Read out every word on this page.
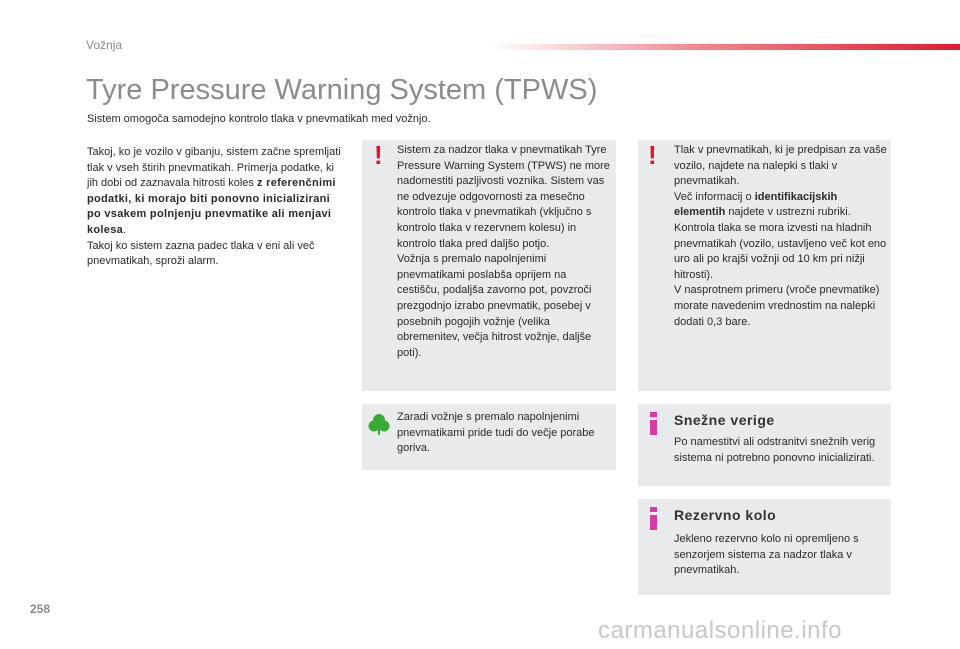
Vožnja
Tyre Pressure Warning System (TPWS)

Sistem omogoča samodejno kontrolo tlaka v pnevmatikah med vožnjo.

Takoj, ko je vozilo v gibanju, sistem začne spremljati tlak v vseh štirih pnevmatikah. Primerja podatke, ki jih dobi od zaznavala hitrosti koles z referenčnimi podatki, ki morajo biti ponovno inicializirani po vsakem polnjenju pnevmatike ali menjavi kolesa.

Takoj ko sistem zazna padec tlaka v eni ali več pnevmatikah, sproži alarm.

! Sistem za nadzor tlaka v pnevmatikah Tyre Pressure Warning System (TPWS) ne more nadomestiti pazljivosti voznika. Sistem vas ne odvezuje odgovornosti za mesečno kontrolo tlaka v pnevmatikah (vključno s kontrolo tlaka v rezervnem kolesu) in kontrolo tlaka pred daljšo potjo.

Vožnja s premalo napolnjenimi pnevmatikami poslabša oprijem na cestišču, podaljša zavorno pot, povzroči prezgodnjo izrabo pnevmatik, posebej v posebnih pogojih vožnje (velika obremenitev, večja hitrost vožnje, daljše poti).

Zaradi vožnje s premalo napolnjenimi pnevmatikami pride tudi do večje porabe goriva.

! Tlak v pnevmatikah, ki je predpisan za vaše vozilo, najdete na nalepki s tlaki v pnevmatikah.

Več informacij o identifikacijskih elementih najdete v ustrezni rubriki.

Kontrola tlaka se mora izvesti na hladnih pnevmatikah (vozilo, ustavljeno več kot eno uro ali po krajši vožnji od 10 km pri nižji hitrosti).

V nasprotnem primeru (vroče pnevmatike) morate navedenim vrednostim na nalepki dodati 0,3 bare.

Snežne verige

Po namestitvi ali odstranitvi snežnih verig sistema ni potrebno ponovno inicializirati.

Rezervno kolo

Jekleno rezervno kolo ni opremljeno s senzorjem sistema za nadzor tlaka v pnevmatikah.

258
carmanualsonline.info
